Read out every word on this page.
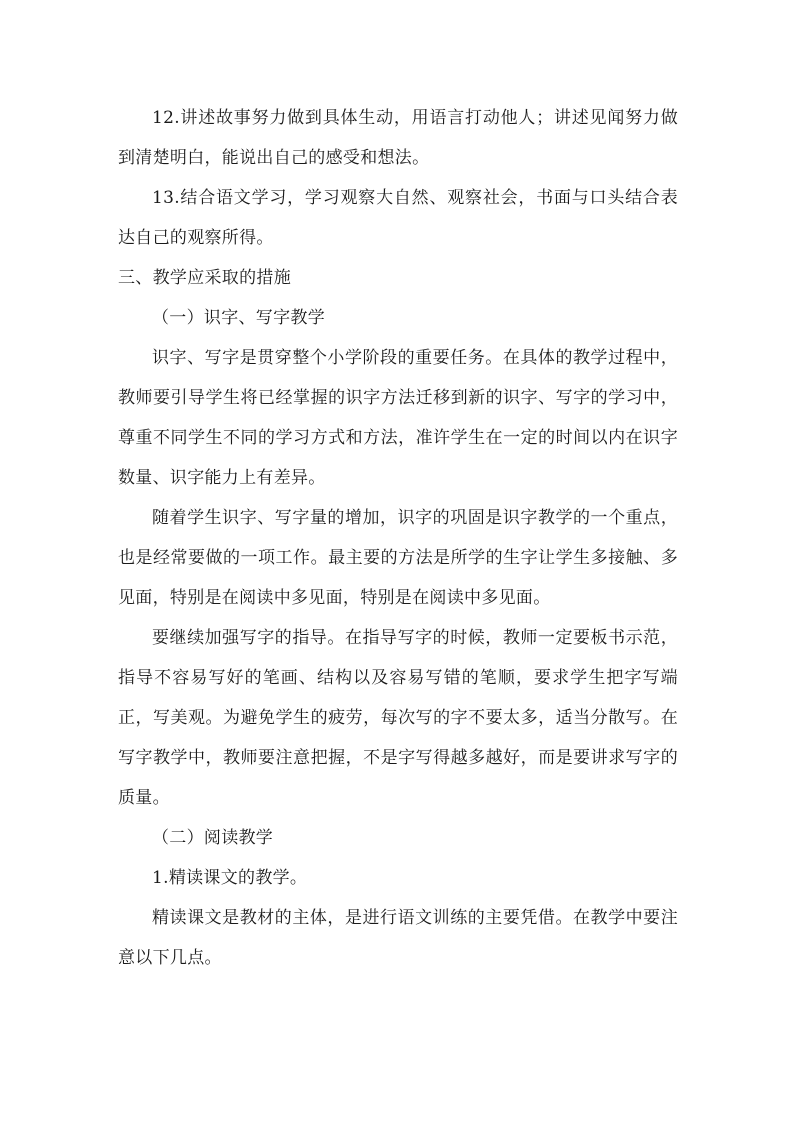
12.讲述故事努力做到具体生动，用语言打动他人；讲述见闻努力做到清楚明白，能说出自己的感受和想法。

13.结合语文学习，学习观察大自然、观察社会，书面与口头结合表达自己的观察所得。

三、教学应采取的措施

（一）识字、写字教学

识字、写字是贯穿整个小学阶段的重要任务。在具体的教学过程中，教师要引导学生将已经掌握的识字方法迁移到新的识字、写字的学习中，尊重不同学生不同的学习方式和方法，准许学生在一定的时间以内在识字数量、识字能力上有差异。

随着学生识字、写字量的增加，识字的巩固是识字教学的一个重点，也是经常要做的一项工作。最主要的方法是所学的生字让学生多接触、多见面，特别是在阅读中多见面，特别是在阅读中多见面。

要继续加强写字的指导。在指导写字的时候，教师一定要板书示范，指导不容易写好的笔画、结构以及容易写错的笔顺，要求学生把字写端正，写美观。为避免学生的疲劳，每次写的字不要太多，适当分散写。在写字教学中，教师要注意把握，不是字写得越多越好，而是要讲求写字的质量。

（二）阅读教学

1.精读课文的教学。

精读课文是教材的主体，是进行语文训练的主要凭借。在教学中要注意以下几点。
